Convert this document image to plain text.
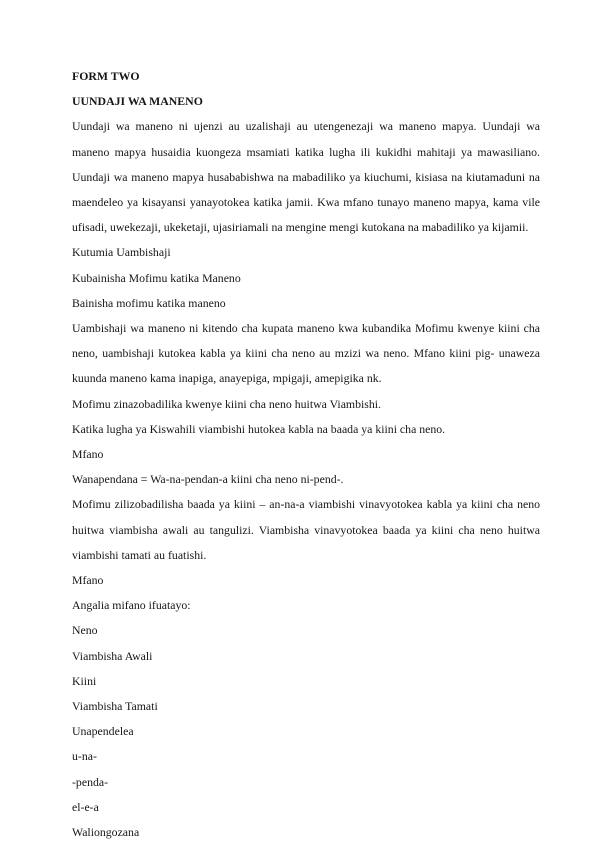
FORM TWO
UUNDAJI WA MANENO
Uundaji wa maneno ni ujenzi au uzalishaji au utengenezaji wa maneno mapya. Uundaji wa
maneno mapya husaidia kuongeza msamiati katika lugha ili kukidhi mahitaji ya mawasiliano.
Uundaji wa maneno mapya husababishwa na mabadiliko ya kiuchumi, kisiasa na kiutamaduni na
maendeleo ya kisayansi yanayotokea katika jamii. Kwa mfano tunayo maneno mapya, kama vile
ufisadi, uwekezaji, ukeketaji, ujasiriamali na mengine mengi kutokana na mabadiliko ya kijamii.
Kutumia Uambishaji
Kubainisha Mofimu katika Maneno
Bainisha mofimu katika maneno
Uambishaji wa maneno ni kitendo cha kupata maneno kwa kubandika Mofimu kwenye kiini cha
neno, uambishaji kutokea kabla ya kiini cha neno au mzizi wa neno. Mfano kiini pig- unaweza
kuunda maneno kama inapiga, anayepiga, mpigaji, amepigika nk.
Mofimu zinazobadilika kwenye kiini cha neno huitwa Viambishi.
Katika lugha ya Kiswahili viambishi hutokea kabla na baada ya kiini cha neno.
Mfano
Wanapendana = Wa-na-pendan-a kiini cha neno ni-pend-.
Mofimu zilizobadilisha baada ya kiini – an-na-a viambishi vinavyotokea kabla ya kiini cha neno
huitwa viambisha awali au tangulizi. Viambisha vinavyotokea baada ya kiini cha neno huitwa
viambishi tamati au fuatishi.
Mfano
Angalia mifano ifuatayo:
Neno
Viambisha Awali
Kiini
Viambisha Tamati
Unapendelea
u-na-
-penda-
el-e-a
Waliongozana
